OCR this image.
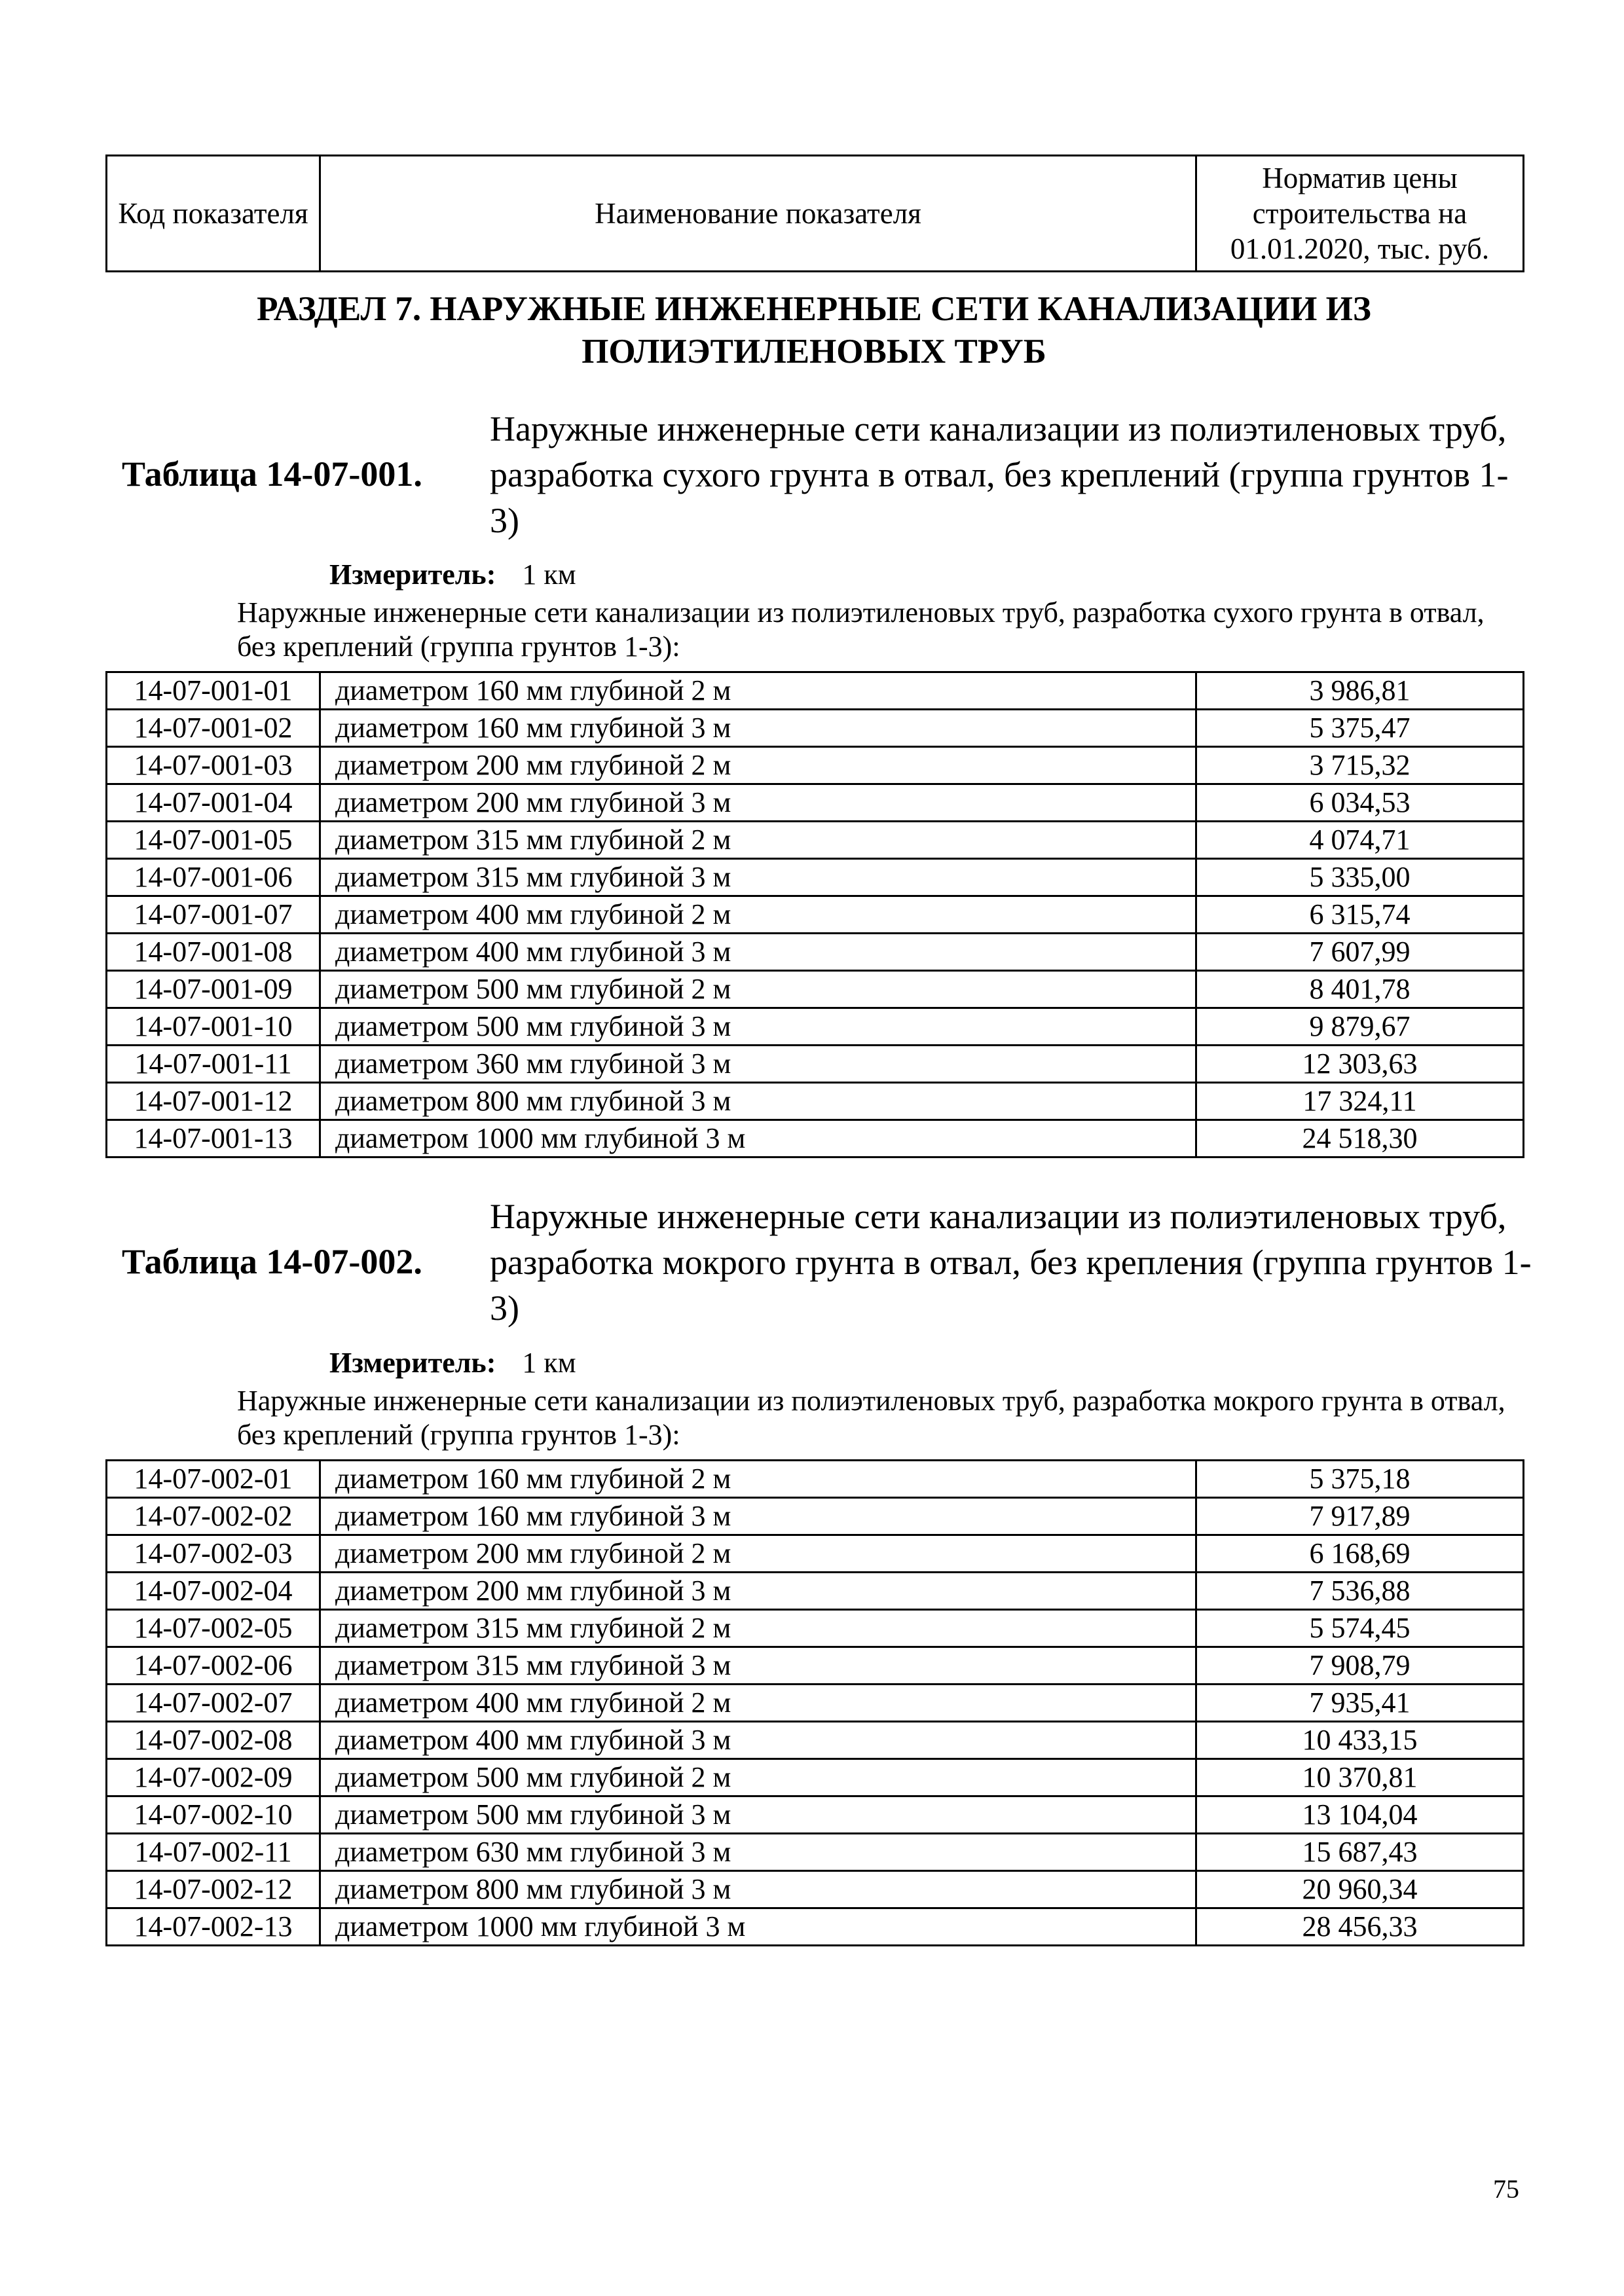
Код показателя	Наименование показателя	Норматив цены строительства на 01.01.2020, тыс. руб.
РАЗДЕЛ 7. НАРУЖНЫЕ ИНЖЕНЕРНЫЕ СЕТИ КАНАЛИЗАЦИИ ИЗ ПОЛИЭТИЛЕНОВЫХ ТРУБ
Таблица 14-07-001.
Наружные инженерные сети канализации из полиэтиленовых труб, разработка сухого грунта в отвал, без креплений (группа грунтов 1-3)
Измеритель: 1 км
Наружные инженерные сети канализации из полиэтиленовых труб, разработка сухого грунта в отвал, без креплений (группа грунтов 1-3):
14-07-001-01	диаметром 160 мм глубиной 2 м	3 986,81
14-07-001-02	диаметром 160 мм глубиной 3 м	5 375,47
14-07-001-03	диаметром 200 мм глубиной 2 м	3 715,32
14-07-001-04	диаметром 200 мм глубиной 3 м	6 034,53
14-07-001-05	диаметром 315 мм глубиной 2 м	4 074,71
14-07-001-06	диаметром 315 мм глубиной 3 м	5 335,00
14-07-001-07	диаметром 400 мм глубиной 2 м	6 315,74
14-07-001-08	диаметром 400 мм глубиной 3 м	7 607,99
14-07-001-09	диаметром 500 мм глубиной 2 м	8 401,78
14-07-001-10	диаметром 500 мм глубиной 3 м	9 879,67
14-07-001-11	диаметром 360 мм глубиной 3 м	12 303,63
14-07-001-12	диаметром 800 мм глубиной 3 м	17 324,11
14-07-001-13	диаметром 1000 мм глубиной 3 м	24 518,30
Таблица 14-07-002.
Наружные инженерные сети канализации из полиэтиленовых труб, разработка мокрого грунта в отвал, без крепления (группа грунтов 1-3)
Измеритель: 1 км
Наружные инженерные сети канализации из полиэтиленовых труб, разработка мокрого грунта в отвал, без креплений (группа грунтов 1-3):
14-07-002-01	диаметром 160 мм глубиной 2 м	5 375,18
14-07-002-02	диаметром 160 мм глубиной 3 м	7 917,89
14-07-002-03	диаметром 200 мм глубиной 2 м	6 168,69
14-07-002-04	диаметром 200 мм глубиной 3 м	7 536,88
14-07-002-05	диаметром 315 мм глубиной 2 м	5 574,45
14-07-002-06	диаметром 315 мм глубиной 3 м	7 908,79
14-07-002-07	диаметром 400 мм глубиной 2 м	7 935,41
14-07-002-08	диаметром 400 мм глубиной 3 м	10 433,15
14-07-002-09	диаметром 500 мм глубиной 2 м	10 370,81
14-07-002-10	диаметром 500 мм глубиной 3 м	13 104,04
14-07-002-11	диаметром 630 мм глубиной 3 м	15 687,43
14-07-002-12	диаметром 800 мм глубиной 3 м	20 960,34
14-07-002-13	диаметром 1000 мм глубиной 3 м	28 456,33
75
